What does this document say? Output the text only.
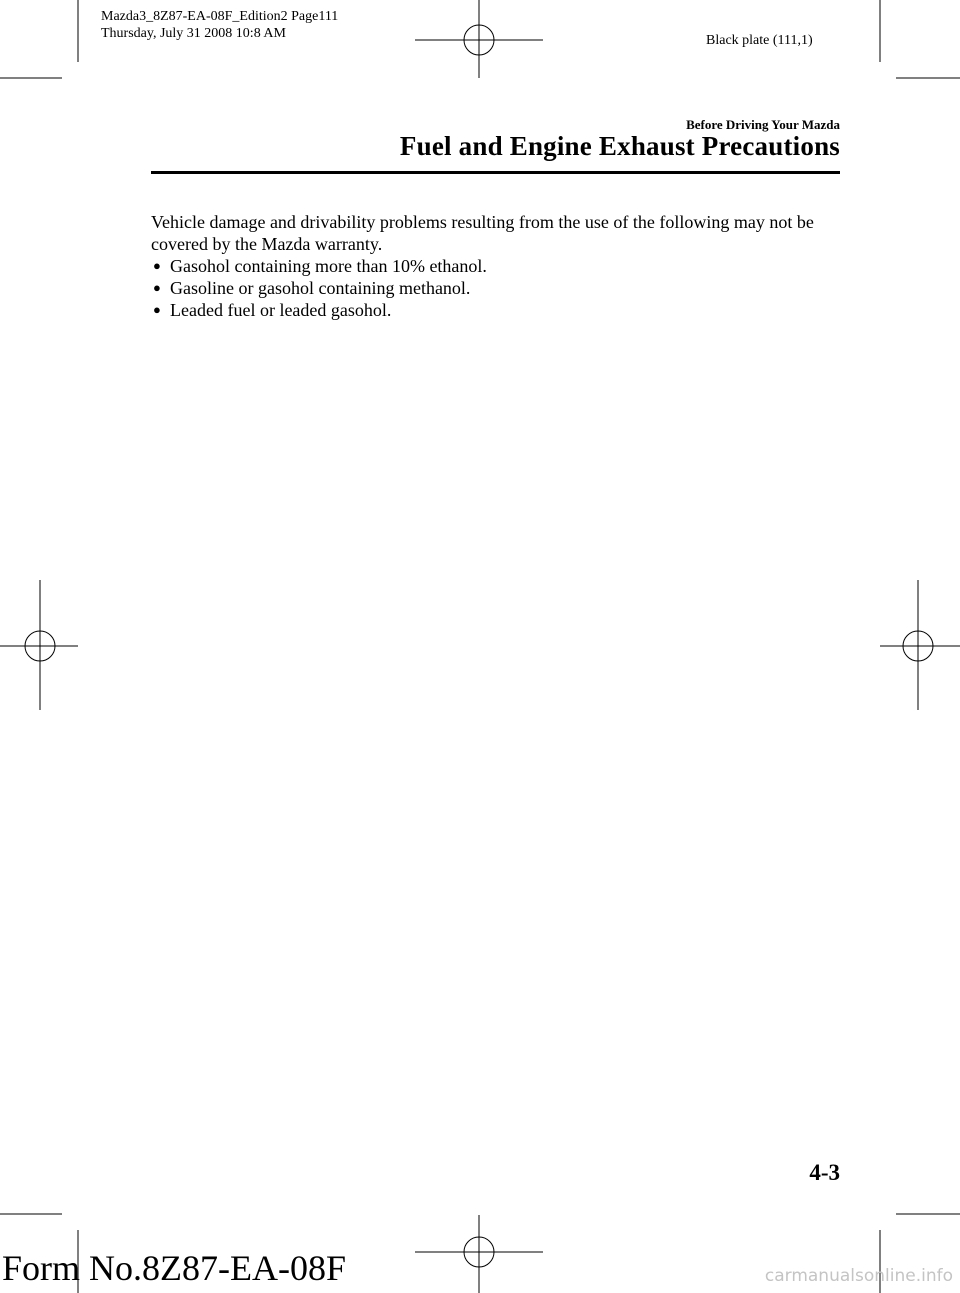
Mazda3_8Z87-EA-08F_Edition2 Page111
Thursday, July 31 2008 10:8 AM	Black plate (111,1)
Before Driving Your Mazda
Fuel and Engine Exhaust Precautions
Vehicle damage and drivability problems resulting from the use of the following may not be covered by the Mazda warranty.
● Gasohol containing more than 10% ethanol.
● Gasoline or gasohol containing methanol.
● Leaded fuel or leaded gasohol.
4-3
Form No.8Z87-EA-08F	carmanualsonline.info
